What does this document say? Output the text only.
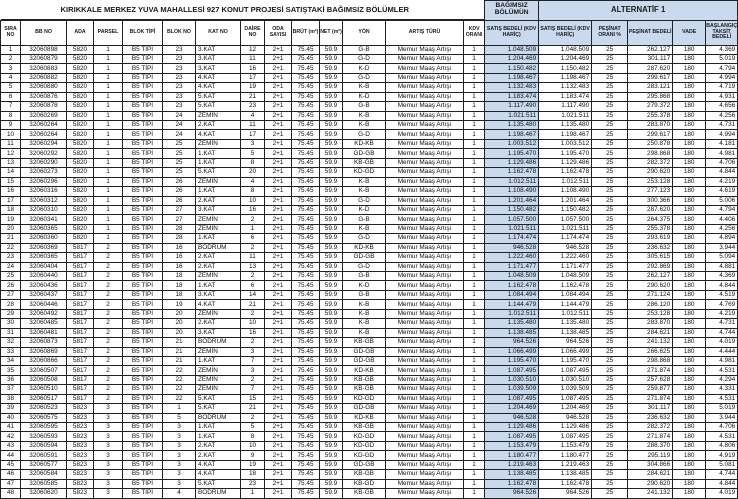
KIRIKKALE MERKEZ YUVA MAHALLESİ 927 KONUT PROJESİ SATIŞTAKİ BAĞIMSIZ BÖLÜMLER														BAĞIMSIZ BÖLÜMÜN	ALTERNATİF 1				

SIRA NO	BB NO	ADA	PARSEL	BLOK TİPİ	BLOK NO	KAT NO	DAİRE NO	ODA SAYISI	BRÜT (m²)	NET (m²)	YÖN	ARTIŞ TÜRÜ	KDV ORANI	SATIŞ BEDELİ (KDV HARİÇ)	SATIŞ BEDELİ (KDV HARİÇ)	PEŞİNAT ORANI %	PEŞİNAT BEDELİ	VADE	BAŞLANGIÇ TAKSİT BEDELİ
1	32060898	5820	1	B5 TİPİ	23	3.KAT	12	2+1	75.45	59.9	G-B	Memur Maaş Artışı	1	1.048.509	1.048.509	25	262.127	180	4.369
2	32060879	5820	1	B5 TİPİ	23	3.KAT	11	2+1	75.45	59.9	G-D	Memur Maaş Artışı	1	1.204.469	1.204.469	25	301.117	180	5.019
3	32060883	5820	1	B5 TİPİ	23	3.KAT	16	2+1	75.45	59.9	K-D	Memur Maaş Artışı	1	1.150.482	1.150.482	25	287.620	180	4.794
4	32060882	5820	1	B5 TİPİ	23	4.KAT	17	2+1	75.45	59.9	G-D	Memur Maaş Artışı	1	1.198.467	1.198.467	25	299.617	180	4.994
5	32060880	5820	1	B5 TİPİ	23	4.KAT	19	2+1	75.45	59.9	K-B	Memur Maaş Artışı	1	1.132.483	1.132.483	25	283.121	180	4.719
6	32060876	5820	1	B5 TİPİ	23	5.KAT	21	2+1	75.45	59.9	K-D	Memur Maaş Artışı	1	1.183.474	1.183.474	25	295.868	180	4.931
7	32060878	5820	1	B5 TİPİ	23	5.KAT	23	2+1	75.45	59.9	G-B	Memur Maaş Artışı	1	1.117.490	1.117.490	25	279.372	180	4.656
8	32060269	5820	1	B5 TİPİ	24	ZEMİN	4	2+1	75.45	59.9	K-B	Memur Maaş Artışı	1	1.021.511	1.021.511	25	255.378	180	4.256
9	32060264	5820	1	B5 TİPİ	24	2.KAT	11	2+1	75.45	59.9	K-B	Memur Maaş Artışı	1	1.135.480	1.135.480	25	283.870	180	4.731
10	32060264	5820	1	B5 TİPİ	24	4.KAT	17	2+1	75.45	59.9	G-D	Memur Maaş Artışı	1	1.198.467	1.198.467	25	299.617	180	4.994
11	32060294	5820	1	B5 TİPİ	25	ZEMİN	3	2+1	75.45	59.9	KD-KB	Memur Maaş Artışı	1	1.003.512	1.003.512	25	250.878	180	4.181
12	32060292	5820	1	B5 TİPİ	25	1.KAT	5	2+1	75.45	59.9	GD-GB	Memur Maaş Artışı	1	1.195.470	1.195.470	25	298.868	180	4.981
13	32060290	5820	1	B5 TİPİ	25	1.KAT	8	2+1	75.45	59.9	KB-GB	Memur Maaş Artışı	1	1.129.486	1.129.486	25	282.372	180	4.706
14	32060273	5820	1	B5 TİPİ	25	5.KAT	20	2+1	75.45	59.9	KD-GD	Memur Maaş Artışı	1	1.162.478	1.162.478	25	290.620	180	4.844
15	32060296	5820	1	B5 TİPİ	26	ZEMİN	4	2+1	75.45	59.9	K-B	Memur Maaş Artışı	1	1.012.511	1.012.511	25	253.128	180	4.219
16	32060316	5820	1	B5 TİPİ	26	1.KAT	8	2+1	75.45	59.9	K-B	Memur Maaş Artışı	1	1.108.490	1.108.490	25	277.123	180	4.619
17	32060312	5820	1	B5 TİPİ	26	2.KAT	10	2+1	75.45	59.9	G-D	Memur Maaş Artışı	1	1.201.464	1.201.464	25	300.366	180	5.006
18	32060310	5820	1	B5 TİPİ	27	3.KAT	16	2+1	75.45	59.9	K-D	Memur Maaş Artışı	1	1.150.482	1.150.482	25	287.620	180	4.794
19	32060341	5820	1	B5 TİPİ	27	ZEMİN	2	2+1	75.45	59.9	G-B	Memur Maaş Artışı	1	1.057.500	1.057.500	25	264.375	180	4.406
20	32060365	5820	1	B5 TİPİ	28	ZEMİN	1	2+1	75.45	59.9	K-B	Memur Maaş Artışı	1	1.021.511	1.021.511	25	255.378	180	4.256
21	32060360	5820	1	B5 TİPİ	28	1.KAT	6	2+1	75.45	59.9	G-D	Memur Maaş Artışı	1	1.174.474	1.174.474	25	293.619	180	4.894
22	32060369	5817	2	B5 TİPİ	16	BODRUM	2	2+1	75.45	59.9	KD-KB	Memur Maaş Artışı	1	946.528	946.528	25	236.632	180	3.944
23	32060365	5817	2	B5 TİPİ	16	2.KAT	11	2+1	75.45	59.9	GD-GB	Memur Maaş Artışı	1	1.222.460	1.222.460	25	305.615	180	5.094
24	32060404	5817	2	B5 TİPİ	16	2.KAT	13	2+1	75.45	59.9	G-D	Memur Maaş Artışı	1	1.171.477	1.171.477	25	292.869	180	4.881
25	32060440	5817	2	B5 TİPİ	18	ZEMİN	2	2+1	75.45	59.9	G-B	Memur Maaş Artışı	1	1.048.509	1.048.509	25	262.127	180	4.369
26	32060436	5817	2	B5 TİPİ	18	1.KAT	6	2+1	75.45	59.9	K-D	Memur Maaş Artışı	1	1.162.478	1.162.478	25	290.620	180	4.844
27	32060437	5817	2	B5 TİPİ	18	3.KAT	14	2+1	75.45	59.9	G-B	Memur Maaş Artışı	1	1.084.494	1.084.494	25	271.124	180	4.519
28	32060446	5817	2	B5 TİPİ	19	4.KAT	21	2+1	75.45	59.9	K-B	Memur Maaş Artışı	1	1.144.479	1.144.479	25	286.120	180	4.769
29	32060492	5817	2	B5 TİPİ	20	ZEMİN	2	2+1	75.45	59.9	K-B	Memur Maaş Artışı	1	1.012.511	1.012.511	25	253.128	180	4.219
30	32060485	5817	2	B5 TİPİ	20	2.KAT	10	2+1	75.45	59.9	K-B	Memur Maaş Artışı	1	1.135.480	1.135.480	25	283.870	180	4.731
31	32060481	5817	2	B5 TİPİ	20	3.KAT	16	2+1	75.45	59.9	K-B	Memur Maaş Artışı	1	1.138.485	1.138.485	25	284.621	180	4.744
32	32060873	5817	2	B5 TİPİ	21	BODRUM	2	2+1	75.45	59.9	KB-GB	Memur Maaş Artışı	1	964.526	964.526	25	241.132	180	4.019
33	32060869	5817	2	B5 TİPİ	21	ZEMİN	3	2+1	75.45	59.9	GD-GB	Memur Maaş Artışı	1	1.066.499	1.066.499	25	266.625	180	4.444
34	32060866	5817	2	B5 TİPİ	21	1.KAT	7	2+1	75.45	59.9	GD-GB	Memur Maaş Artışı	1	1.195.470	1.195.470	25	298.868	180	4.981
35	32060507	5817	2	B5 TİPİ	22	ZEMİN	3	2+1	75.45	59.9	KD-KB	Memur Maaş Artışı	1	1.087.495	1.087.495	25	271.874	180	4.531
36	32060508	5817	2	B5 TİPİ	22	ZEMİN	2	2+1	75.45	59.9	KB-GB	Memur Maaş Artışı	1	1.030.510	1.030.510	25	257.628	180	4.294
37	32060510	5817	2	B5 TİPİ	22	ZEMİN	7	2+1	75.45	59.9	KB-GB	Memur Maaş Artışı	1	1.039.509	1.039.509	25	259.877	180	4.331
38	32060517	5817	2	B5 TİPİ	22	5.KAT	15	2+1	75.45	59.9	KD-GD	Memur Maaş Artışı	1	1.087.495	1.087.495	25	271.874	180	4.531
39	32060523	5823	3	B5 TİPİ	1	5.KAT	21	2+1	75.45	59.9	GD-GB	Memur Maaş Artışı	1	1.204.469	1.204.469	25	301.117	180	5.019
40	32060575	5823	3	B5 TİPİ	5	BODRUM	2	2+1	75.45	59.9	KD-KB	Memur Maaş Artışı	1	946.528	946.528	25	236.632	180	3.944
41	32060595	5823	3	B5 TİPİ	3	1.KAT	5	2+1	75.45	59.9	KB-GB	Memur Maaş Artışı	1	1.129.486	1.129.486	25	282.372	180	4.706
42	32060593	5823	3	B5 TİPİ	3	1.KAT	8	2+1	75.45	59.9	KD-GD	Memur Maaş Artışı	1	1.087.495	1.087.495	25	271.874	180	4.531
43	32060594	5823	3	B5 TİPİ	3	2.KAT	10	2+1	75.45	59.9	KD-GD	Memur Maaş Artışı	1	1.153.479	1.153.479	25	288.370	180	4.806
44	32060591	5823	3	B5 TİPİ	3	2.KAT	9	2+1	75.45	59.9	KD-GD	Memur Maaş Artışı	1	1.180.477	1.180.477	25	295.119	180	4.919
45	32060577	5823	3	B5 TİPİ	3	4.KAT	19	2+1	75.45	59.9	GD-GB	Memur Maaş Artışı	1	1.219.463	1.219.463	25	304.866	180	5.081
46	32060584	5823	3	B5 TİPİ	3	4.KAT	18	2+1	75.45	59.9	KB-GB	Memur Maaş Artışı	1	1.138.485	1.138.485	25	284.621	180	4.744
47	32060585	5823	3	B5 TİPİ	3	5.KAT	23	2+1	75.45	59.9	KB-GD	Memur Maaş Artışı	1	1.162.478	1.162.478	25	290.620	180	4.844
48	32060620	5823	3	B5 TİPİ	4	BODRUM	1	2+1	75.45	59.9	KB-GB	Memur Maaş Artışı	1	964.526	964.526	25	241.132	180	4.019
